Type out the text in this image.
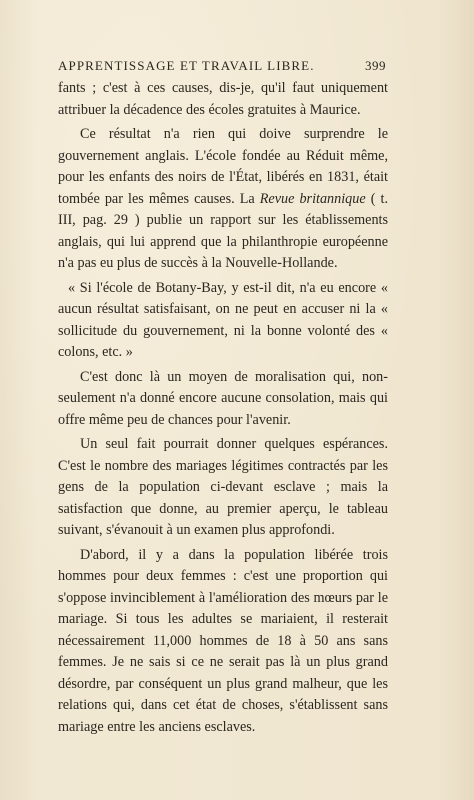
APPRENTISSAGE ET TRAVAIL LIBRE.	399

fants ; c'est à ces causes, dis-je, qu'il faut uniquement attribuer la décadence des écoles gratuites à Maurice.

Ce résultat n'a rien qui doive surprendre le gouvernement anglais. L'école fondée au Réduit même, pour les enfants des noirs de l'État, libérés en 1831, était tombée par les mêmes causes. La Revue britannique ( t. III, pag. 29 ) publie un rapport sur les établissements anglais, qui lui apprend que la philanthropie européenne n'a pas eu plus de succès à la Nouvelle-Hollande.

« Si l'école de Botany-Bay, y est-il dit, n'a eu encore « aucun résultat satisfaisant, on ne peut en accuser ni la « sollicitude du gouvernement, ni la bonne volonté des « colons, etc. »

C'est donc là un moyen de moralisation qui, non-seulement n'a donné encore aucune consolation, mais qui offre même peu de chances pour l'avenir.

Un seul fait pourrait donner quelques espérances. C'est le nombre des mariages légitimes contractés par les gens de la population ci-devant esclave ; mais la satisfaction que donne, au premier aperçu, le tableau suivant, s'évanouit à un examen plus approfondi.

D'abord, il y a dans la population libérée trois hommes pour deux femmes : c'est une proportion qui s'oppose invinciblement à l'amélioration des mœurs par le mariage. Si tous les adultes se mariaient, il resterait nécessairement 11,000 hommes de 18 à 50 ans sans femmes. Je ne sais si ce ne serait pas là un plus grand désordre, par conséquent un plus grand malheur, que les relations qui, dans cet état de choses, s'établissent sans mariage entre les anciens esclaves.
